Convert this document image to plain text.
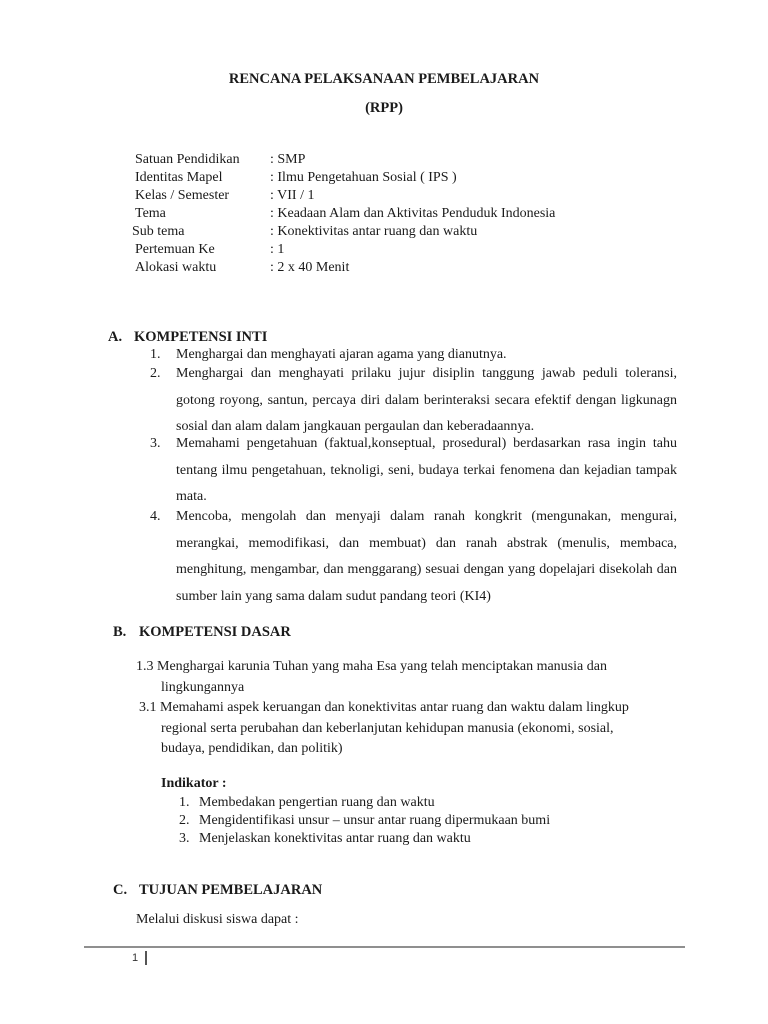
RENCANA PELAKSANAAN PEMBELAJARAN
(RPP)
Satuan Pendidikan : SMP
Identitas Mapel	: Ilmu Pengetahuan Sosial ( IPS )
Kelas / Semester	: VII / 1
Tema	: Keadaan Alam dan Aktivitas Penduduk Indonesia
Sub tema	: Konektivitas antar ruang dan waktu
Pertemuan Ke	: 1
Alokasi waktu	: 2 x 40 Menit
A. KOMPETENSI INTI
1. Menghargai dan menghayati ajaran agama yang dianutnya.
2. Menghargai dan menghayati prilaku jujur disiplin tanggung jawab peduli toleransi, gotong royong, santun, percaya diri dalam berinteraksi secara efektif dengan ligkunagn sosial dan alam dalam jangkauan pergaulan dan keberadaannya.
3. Memahami pengetahuan (faktual,konseptual, prosedural) berdasarkan rasa ingin tahu tentang ilmu pengetahuan, teknoligi, seni, budaya terkai fenomena dan kejadian tampak mata.
4. Mencoba, mengolah dan menyaji dalam ranah kongkrit (mengunakan, mengurai, merangkai, memodifikasi, dan membuat) dan ranah abstrak (menulis, membaca, menghitung, mengambar, dan menggarang) sesuai dengan yang dopelajari disekolah dan sumber lain yang sama dalam sudut pandang teori (KI4)
B. KOMPETENSI DASAR
1.3 Menghargai karunia Tuhan yang maha Esa yang telah menciptakan manusia dan
lingkungannya
3.1 Memahami aspek keruangan dan konektivitas antar ruang dan waktu dalam lingkup
regional serta perubahan dan keberlanjutan kehidupan manusia (ekonomi, sosial, budaya, pendidikan, dan politik)
Indikator :
1. Membedakan pengertian ruang dan waktu
2. Mengidentifikasi unsur – unsur antar ruang dipermukaan bumi
3. Menjelaskan konektivitas antar ruang dan waktu
C. TUJUAN PEMBELAJARAN
Melalui diskusi siswa dapat :
1
